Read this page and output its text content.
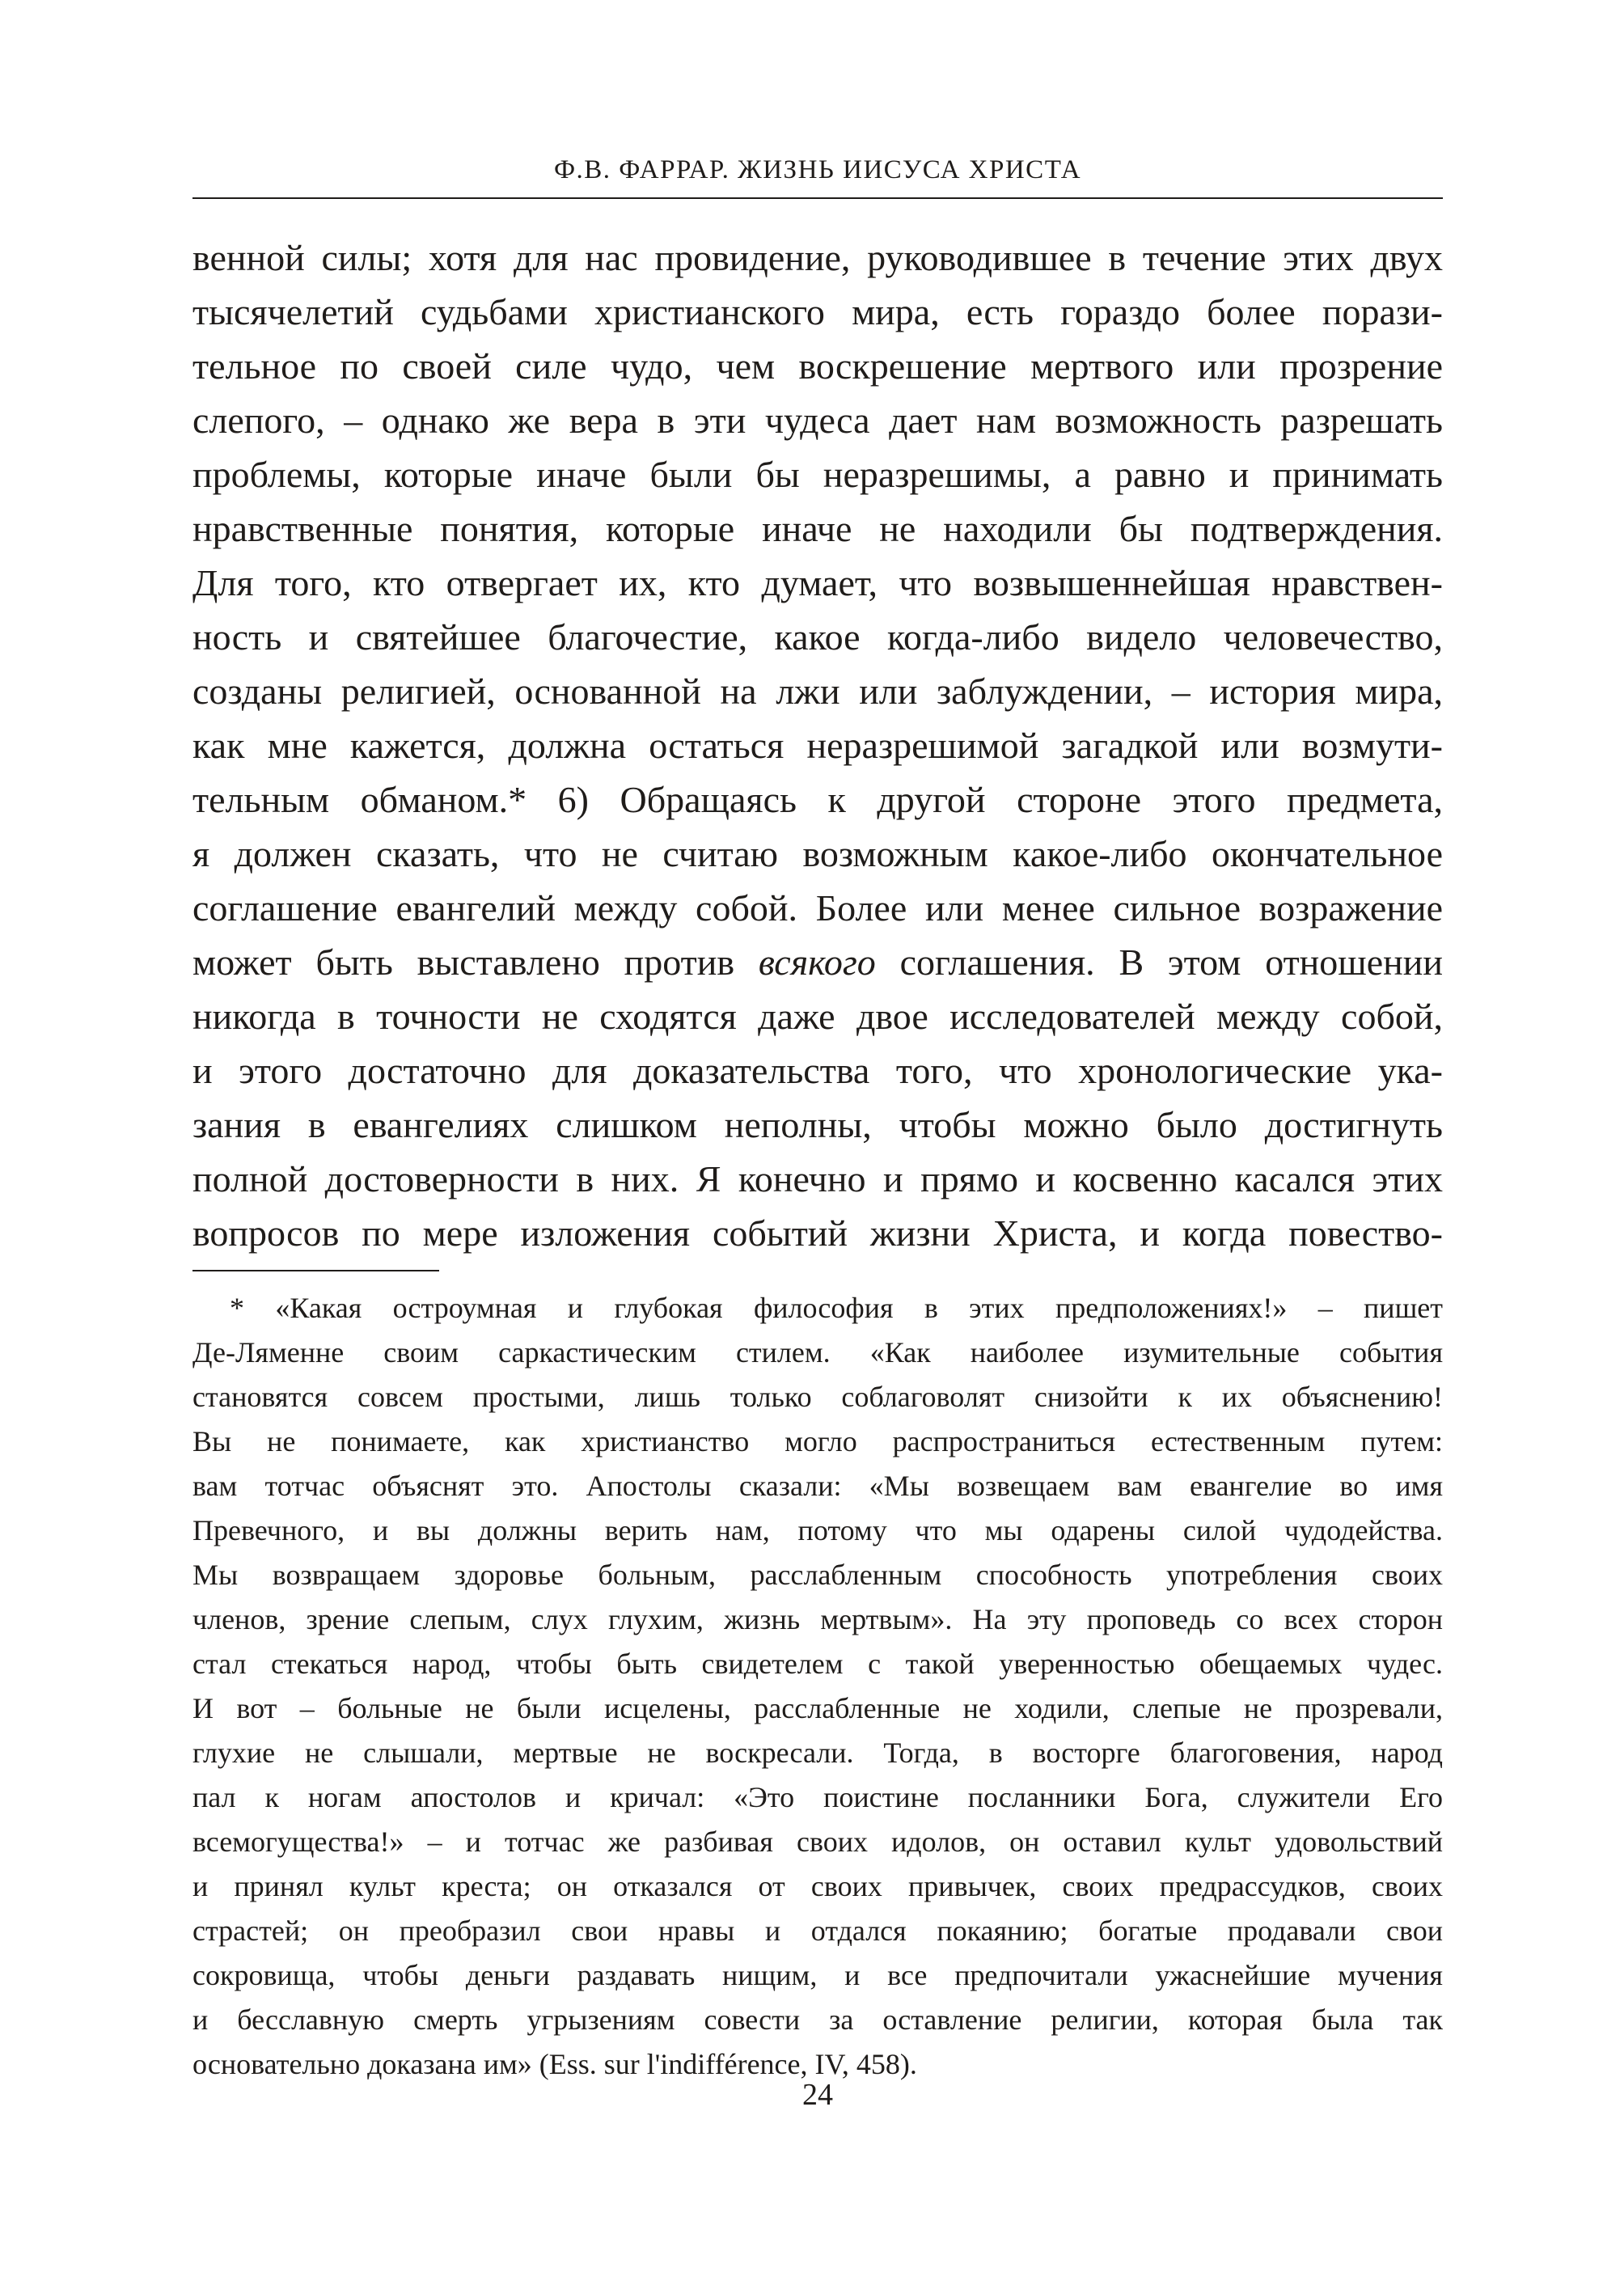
Ф.В. ФАРРАР. ЖИЗНЬ ИИСУСА ХРИСТА
венной силы; хотя для нас провидение, руководившее в течение этих двух
тысячелетий судьбами христианского мира, есть гораздо более порази-
тельное по своей силе чудо, чем воскрешение мертвого или прозрение
слепого, – однако же вера в эти чудеса дает нам возможность разрешать
проблемы, которые иначе были бы неразрешимы, а равно и принимать
нравственные понятия, которые иначе не находили бы подтверждения.
Для того, кто отвергает их, кто думает, что возвышеннейшая нравствен-
ность и святейшее благочестие, какое когда-либо видело человечество,
созданы религией, основанной на лжи или заблуждении, – история мира,
как мне кажется, должна остаться неразрешимой загадкой или возмути-
тельным обманом.* 6) Обращаясь к другой стороне этого предмета,
я должен сказать, что не считаю возможным какое-либо окончательное
соглашение евангелий между собой. Более или менее сильное возражение
может быть выставлено против всякого соглашения. В этом отношении
никогда в точности не сходятся даже двое исследователей между собой,
и этого достаточно для доказательства того, что хронологические ука-
зания в евангелиях слишком неполны, чтобы можно было достигнуть
полной достоверности в них. Я конечно и прямо и косвенно касался этих
вопросов по мере изложения событий жизни Христа, и когда повество-
* «Какая остроумная и глубокая философия в этих предположениях!» – пишет
Де-Ляменне своим саркастическим стилем. «Как наиболее изумительные события
становятся совсем простыми, лишь только соблаговолят снизойти к их объяснению!
Вы не понимаете, как христианство могло распространиться естественным путем:
вам тотчас объяснят это. Апостолы сказали: «Мы возвещаем вам евангелие во имя
Превечного, и вы должны верить нам, потому что мы одарены силой чудодейства.
Мы возвращаем здоровье больным, расслабленным способность употребления своих
членов, зрение слепым, слух глухим, жизнь мертвым». На эту проповедь со всех сторон
стал стекаться народ, чтобы быть свидетелем с такой уверенностью обещаемых чудес.
И вот – больные не были исцелены, расслабленные не ходили, слепые не прозревали,
глухие не слышали, мертвые не воскресали. Тогда, в восторге благоговения, народ
пал к ногам апостолов и кричал: «Это поистине посланники Бога, служители Его
всемогущества!» – и тотчас же разбивая своих идолов, он оставил культ удовольствий
и принял культ креста; он отказался от своих привычек, своих предрассудков, своих
страстей; он преобразил свои нравы и отдался покаянию; богатые продавали свои
сокровища, чтобы деньги раздавать нищим, и все предпочитали ужаснейшие мучения
и бесславную смерть угрызениям совести за оставление религии, которая была так
основательно доказана им» (Ess. sur l'indifférence, IV, 458).
24
